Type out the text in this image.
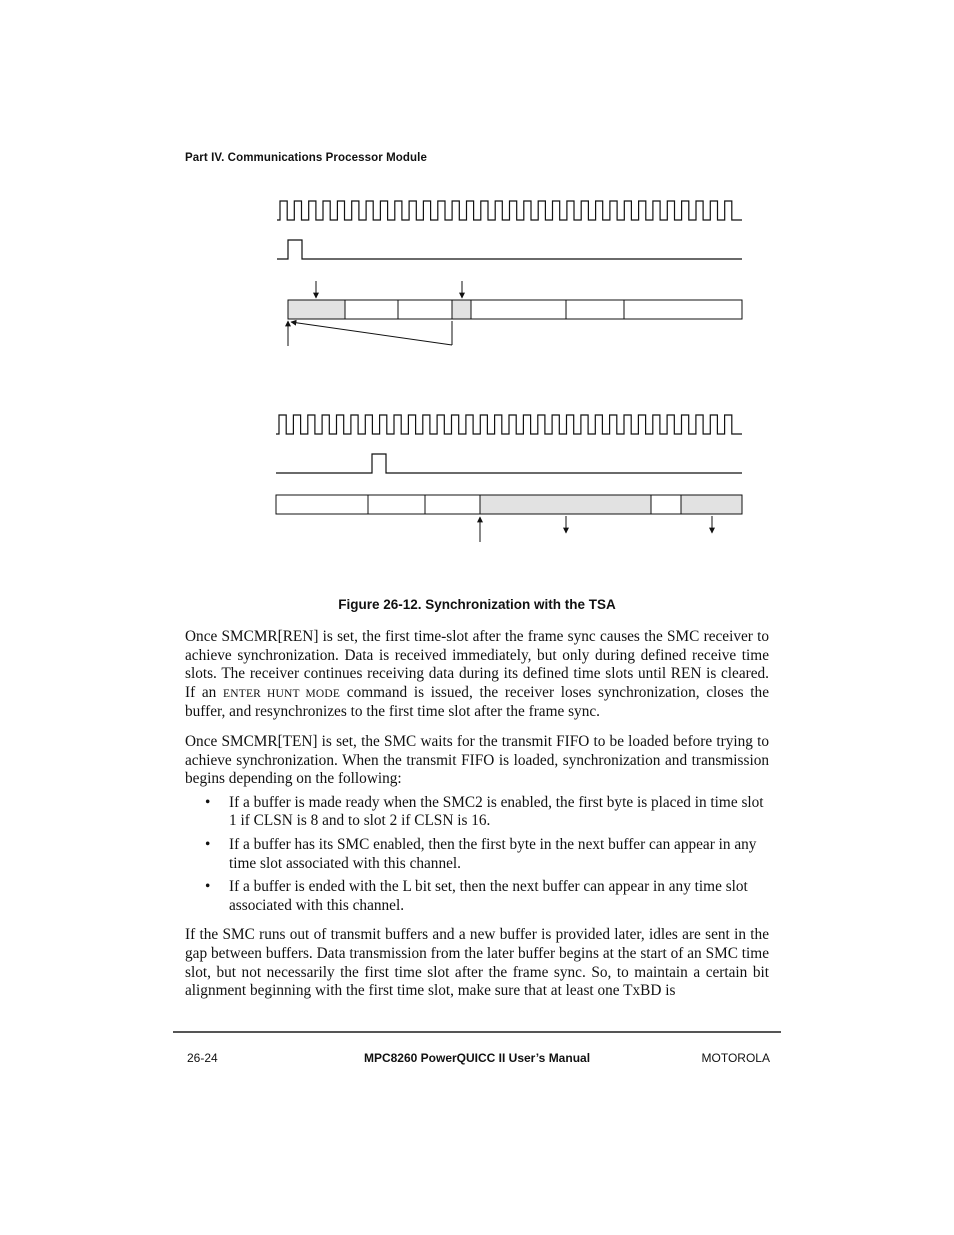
Part IV. Communications Processor Module
Figure 26-12. Synchronization with the TSA

Once SMCMR[REN] is set, the first time-slot after the frame sync causes the SMC receiver to achieve synchronization. Data is received immediately, but only during defined receive time slots. The receiver continues receiving data during its defined time slots until REN is cleared. If an ENTER HUNT MODE command is issued, the receiver loses synchronization, closes the buffer, and resynchronizes to the first time slot after the frame sync.

Once SMCMR[TEN] is set, the SMC waits for the transmit FIFO to be loaded before trying to achieve synchronization. When the transmit FIFO is loaded, synchronization and transmission begins depending on the following:

• If a buffer is made ready when the SMC2 is enabled, the first byte is placed in time slot 1 if CLSN is 8 and to slot 2 if CLSN is 16.
• If a buffer has its SMC enabled, then the first byte in the next buffer can appear in any time slot associated with this channel.
• If a buffer is ended with the L bit set, then the next buffer can appear in any time slot associated with this channel.

If the SMC runs out of transmit buffers and a new buffer is provided later, idles are sent in the gap between buffers. Data transmission from the later buffer begins at the start of an SMC time slot, but not necessarily the first time slot after the frame sync. So, to maintain a certain bit alignment beginning with the first time slot, make sure that at least one TxBD is

26-24	MPC8260 PowerQUICC II User’s Manual	MOTOROLA
